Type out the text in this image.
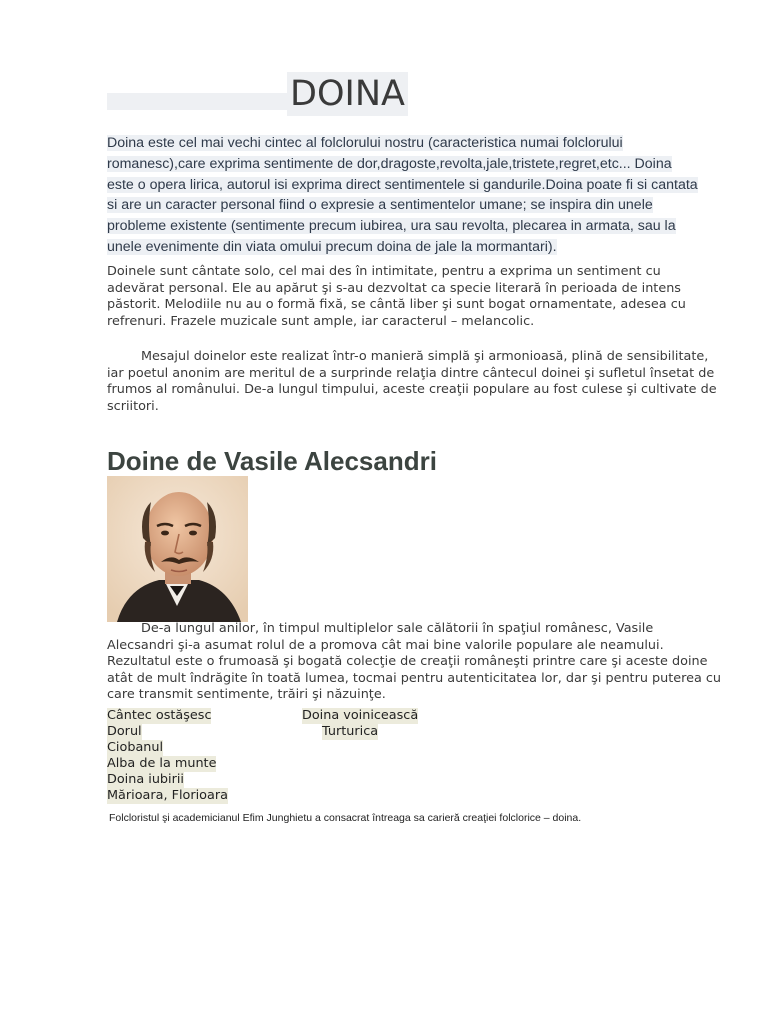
DOINA
Doina este cel mai vechi cintec al folclorului nostru (caracteristica numai folclorului
romanesc),care exprima sentimente de dor,dragoste,revolta,jale,tristete,regret,etc... Doina
este o opera lirica, autorul isi exprima direct sentimentele si gandurile.Doina poate fi si cantata
si are un caracter personal fiind o expresie a sentimentelor umane; se inspira din unele
probleme existente (sentimente precum iubirea, ura sau revolta, plecarea in armata, sau la
unele evenimente din viata omului precum doina de jale la mormantari).
Doinele sunt cântate solo, cel mai des în intimitate, pentru a exprima un sentiment cu adevărat personal. Ele au apărut şi s-au dezvoltat ca specie literară în perioada de intens păstorit. Melodiile nu au o formă fixă, se cântă liber şi sunt bogat ornamentate, adesea cu refrenuri. Frazele muzicale sunt ample, iar caracterul – melancolic.
Mesajul doinelor este realizat într-o manieră simplă şi armonioasă, plină de sensibilitate, iar poetul anonim are meritul de a surprinde relaţia dintre cântecul doinei şi sufletul însetat de frumos al românului. De-a lungul timpului, aceste creaţii populare au fost culese şi cultivate de scriitori.
Doine de Vasile Alecsandri
De-a lungul anilor, în timpul multiplelor sale călătorii în spaţiul românesc, Vasile Alecsandri şi-a asumat rolul de a promova cât mai bine valorile populare ale neamului. Rezultatul este o frumoasă şi bogată colecţie de creaţii româneşti printre care şi aceste doine atât de mult îndrăgite în toată lumea, tocmai pentru autenticitatea lor, dar şi pentru puterea cu care transmit sentimente, trăiri şi năzuinţe.
Cântec ostăşesc
Dorul
Ciobanul
Alba de la munte
Doina iubirii
Mărioara, Florioara
Doina voinicească
Turturica
Folcloristul şi academicianul Efim Junghietu a consacrat întreaga sa carieră creaţiei folclorice – doina.
